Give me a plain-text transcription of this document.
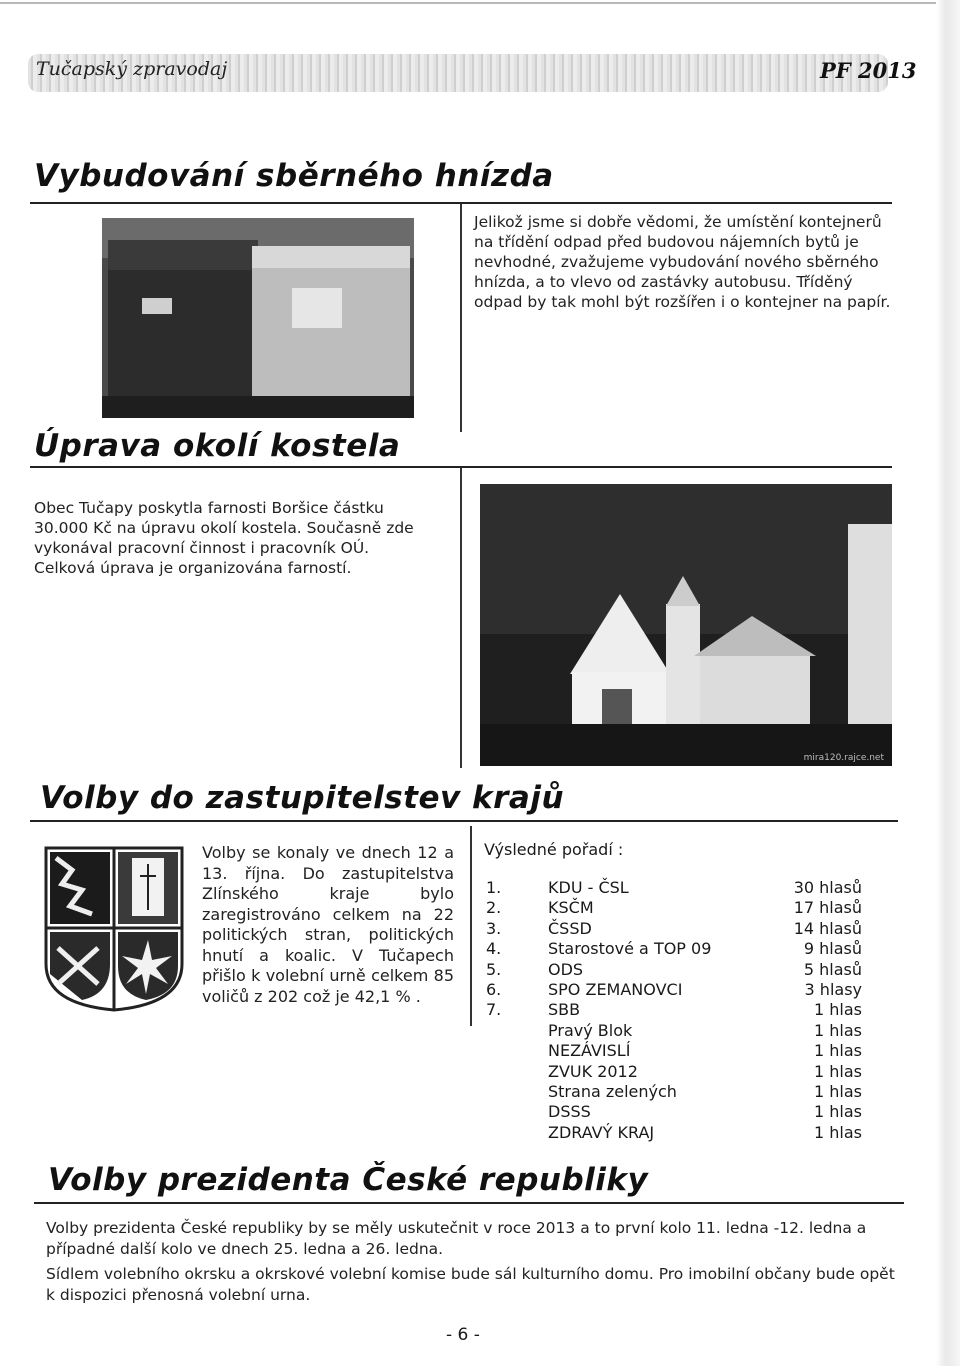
Tučapský zpravodaj	PF 2013
Vybudování sběrného hnízda
Jelikož jsme si dobře vědomi, že umístění kontejnerů na třídění odpad před budovou nájemních bytů je nevhodné, zvažujeme vybudování nového sběrného hnízda, a to vlevo od zastávky autobusu. Tříděný odpad by tak mohl být rozšířen i o kontejner na papír.
Úprava okolí kostela
Obec Tučapy poskytla farnosti Boršice částku 30.000 Kč na úpravu okolí kostela. Současně zde vykonával pracovní činnost i pracovník OÚ. Celková úprava je organizována farností.
mira120.rajce.net
Volby do zastupitelstev krajů
Volby se konaly ve dnech 12 a 13. října. Do zastupitelstva Zlínského kraje bylo zaregistrováno celkem na 22 politických stran, politických hnutí a koalic. V Tučapech přišlo k volební urně celkem 85 voličů z 202 což je 42,1 % .
Výsledné pořadí :
1.	KDU - ČSL	30 hlasů
2.	KSČM	17 hlasů
3.	ČSSD	14 hlasů
4.	Starostové a TOP 09	9 hlasů
5.	ODS	5 hlasů
6.	SPO ZEMANOVCI	3 hlasy
7.	SBB	1 hlas
Pravý Blok	1 hlas
NEZÁVISLÍ	1 hlas
ZVUK 2012	1 hlas
Strana zelených	1 hlas
DSSS	1 hlas
ZDRAVÝ KRAJ	1 hlas
Volby prezidenta České republiky
Volby prezidenta České republiky by se měly uskutečnit v roce 2013 a to první kolo 11. ledna -12. ledna a případné další kolo ve dnech 25. ledna a 26. ledna.
Sídlem volebního okrsku a okrskové volební komise bude sál kulturního domu. Pro imobilní občany bude opět k dispozici přenosná volební urna.
- 6 -
